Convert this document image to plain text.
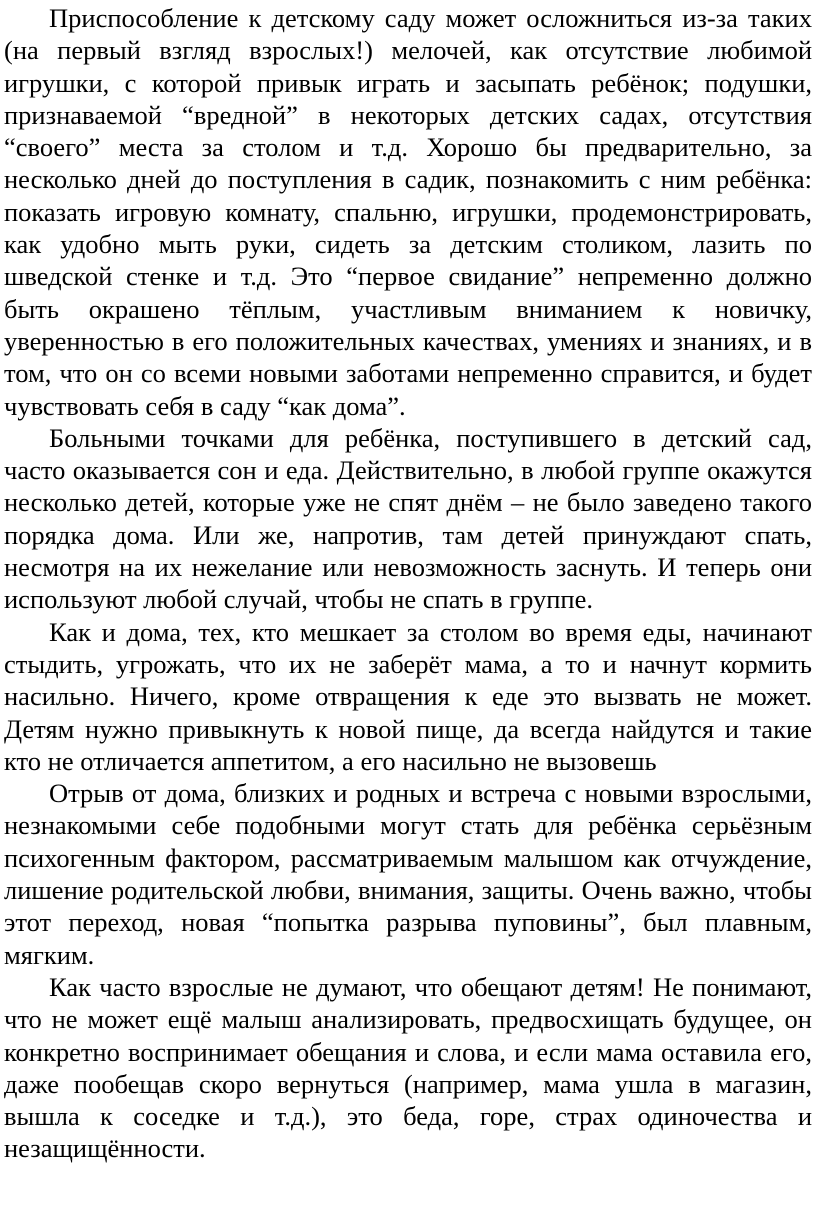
Приспособление к детскому саду может осложниться из-за таких (на первый взгляд взрослых!) мелочей, как отсутствие любимой игрушки, с которой привык играть и засыпать ребёнок; подушки, признаваемой “вредной” в некоторых детских садах, отсутствия “своего” места за столом и т.д. Хорошо бы предварительно, за несколько дней до поступления в садик, познакомить с ним ребёнка: показать игровую комнату, спальню, игрушки, продемонстрировать, как удобно мыть руки, сидеть за детским столиком, лазить по шведской стенке и т.д. Это “первое свидание” непременно должно быть окрашено тёплым, участливым вниманием к новичку, уверенностью в его положительных качествах, умениях и знаниях, и в том, что он со всеми новыми заботами непременно справится, и будет чувствовать себя в саду “как дома”.

Больными точками для ребёнка, поступившего в детский сад, часто оказывается сон и еда. Действительно, в любой группе окажутся несколько детей, которые уже не спят днём – не было заведено такого порядка дома. Или же, напротив, там детей принуждают спать, несмотря на их нежелание или невозможность заснуть. И теперь они используют любой случай, чтобы не спать в группе.

Как и дома, тех, кто мешкает за столом во время еды, начинают стыдить, угрожать, что их не заберёт мама, а то и начнут кормить насильно. Ничего, кроме отвращения к еде это вызвать не может. Детям нужно привыкнуть к новой пище, да всегда найдутся и такие кто не отличается аппетитом, а его насильно не вызовешь

Отрыв от дома, близких и родных и встреча с новыми взрослыми, незнакомыми себе подобными могут стать для ребёнка серьёзным психогенным фактором, рассматриваемым малышом как отчуждение, лишение родительской любви, внимания, защиты. Очень важно, чтобы этот переход, новая “попытка разрыва пуповины”, был плавным, мягким.

Как часто взрослые не думают, что обещают детям! Не понимают, что не может ещё малыш анализировать, предвосхищать будущее, он конкретно воспринимает обещания и слова, и если мама оставила его, даже пообещав скоро вернуться (например, мама ушла в магазин, вышла к соседке и т.д.), это беда, горе, страх одиночества и незащищённости.
